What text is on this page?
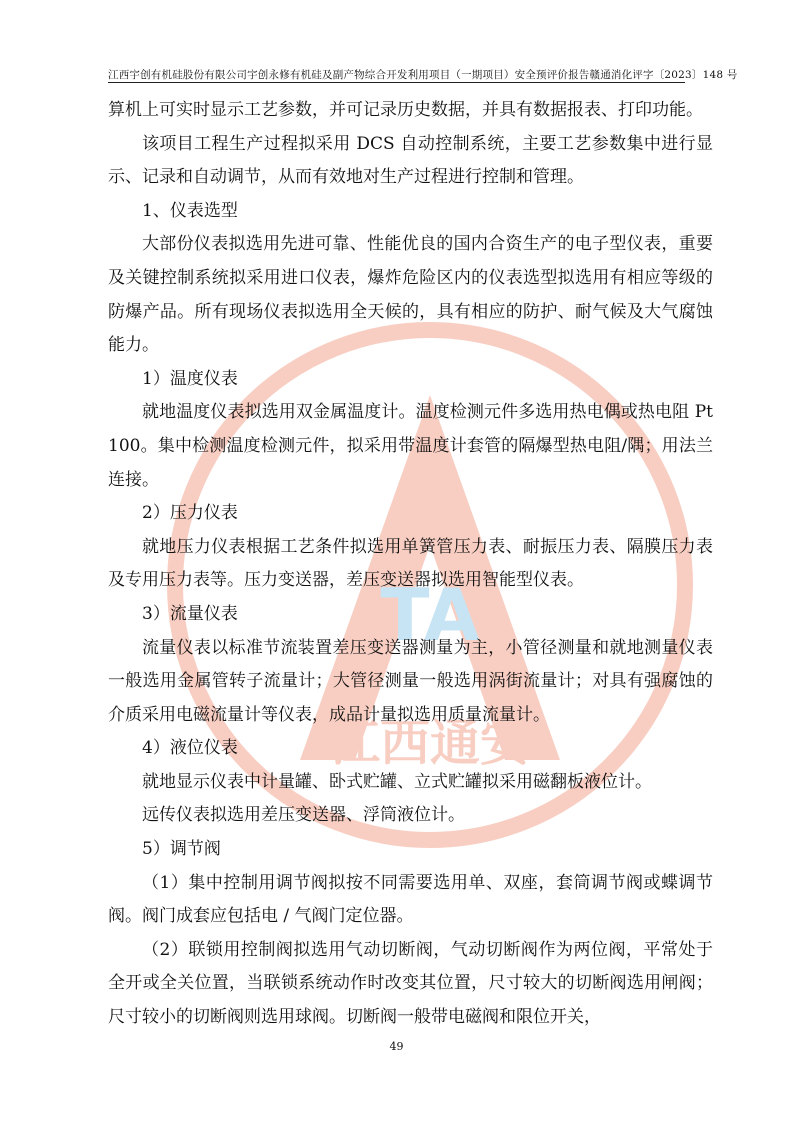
TA
江西通安
江西宇创有机硅股份有限公司宇创永修有机硅及副产物综合开发利用项目（一期项目）安全预评价报告 赣通消化评字〔2023〕148 号

算机上可实时显示工艺参数，并可记录历史数据，并具有数据报表、打印功能。

该项目工程生产过程拟采用 DCS 自动控制系统，主要工艺参数集中进行显示、记录和自动调节，从而有效地对生产过程进行控制和管理。

1、仪表选型

大部份仪表拟选用先进可靠、性能优良的国内合资生产的电子型仪表，重要及关键控制系统拟采用进口仪表，爆炸危险区内的仪表选型拟选用有相应等级的防爆产品。所有现场仪表拟选用全天候的，具有相应的防护、耐气候及大气腐蚀能力。

1）温度仪表

就地温度仪表拟选用双金属温度计。温度检测元件多选用热电偶或热电阻 Pt100。集中检测温度检测元件，拟采用带温度计套管的隔爆型热电阻/隅；用法兰连接。

2）压力仪表

就地压力仪表根据工艺条件拟选用单簧管压力表、耐振压力表、隔膜压力表及专用压力表等。压力变送器，差压变送器拟选用智能型仪表。

3）流量仪表

流量仪表以标准节流装置差压变送器测量为主，小管径测量和就地测量仪表一般选用金属管转子流量计；大管径测量一般选用涡街流量计；对具有强腐蚀的介质采用电磁流量计等仪表，成品计量拟选用质量流量计。

4）液位仪表

就地显示仪表中计量罐、卧式贮罐、立式贮罐拟采用磁翻板液位计。

远传仪表拟选用差压变送器、浮筒液位计。

5）调节阀

（1）集中控制用调节阀拟按不同需要选用单、双座，套筒调节阀或蝶调节阀。阀门成套应包括电 / 气阀门定位器。

（2）联锁用控制阀拟选用气动切断阀，气动切断阀作为两位阀，平常处于全开或全关位置，当联锁系统动作时改变其位置，尺寸较大的切断阀选用闸阀；尺寸较小的切断阀则选用球阀。切断阀一般带电磁阀和限位开关，

49
